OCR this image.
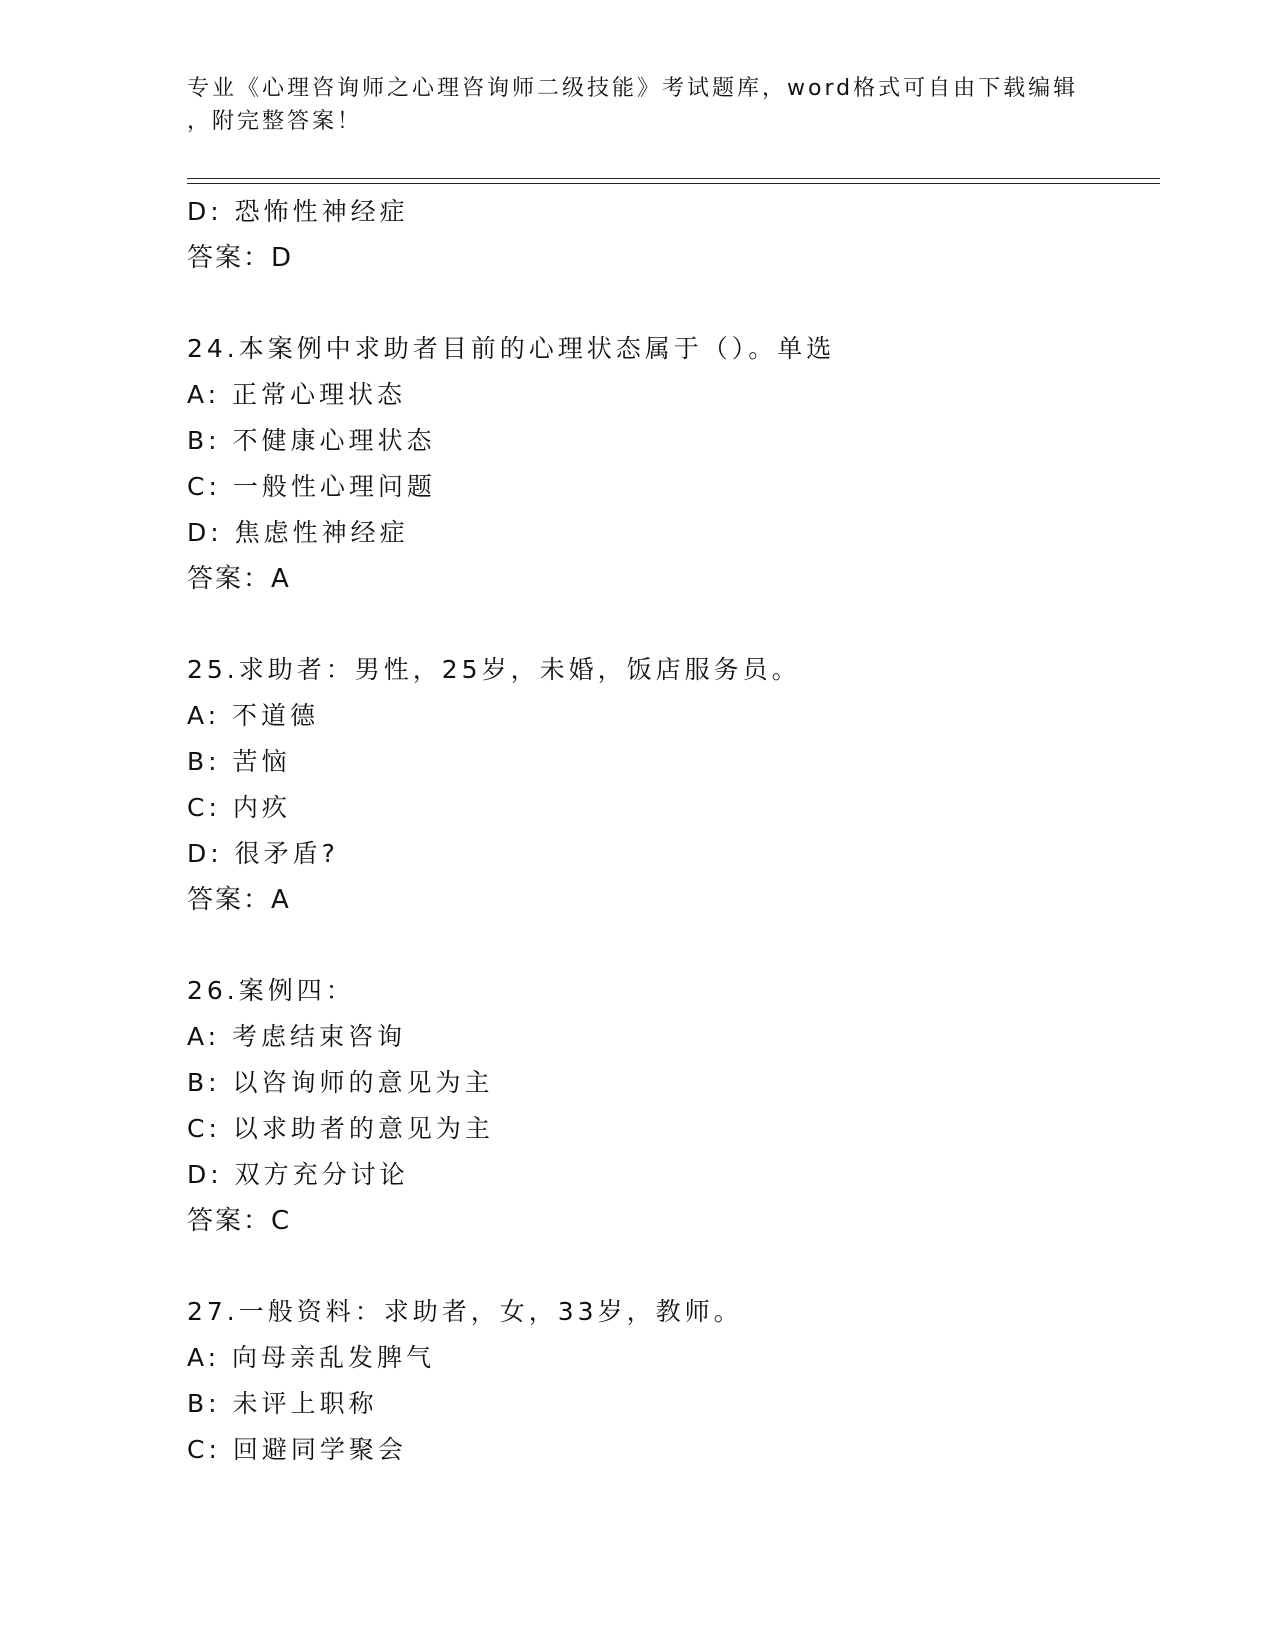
专业《心理咨询师之心理咨询师二级技能》考试题库，word格式可自由下载编辑
，附完整答案！
D: 恐怖性神经症
答案：D
24.本案例中求助者目前的心理状态属于（）。单选
A: 正常心理状态
B: 不健康心理状态
C: 一般性心理问题
D: 焦虑性神经症
答案：A
25.求助者：男性，25岁，未婚，饭店服务员。
A: 不道德
B: 苦恼
C: 内疚
D: 很矛盾?
答案：A
26.案例四：
A: 考虑结束咨询
B: 以咨询师的意见为主
C: 以求助者的意见为主
D: 双方充分讨论
答案：C
27.一般资料：求助者，女，33岁，教师。
A: 向母亲乱发脾气
B: 未评上职称
C: 回避同学聚会
